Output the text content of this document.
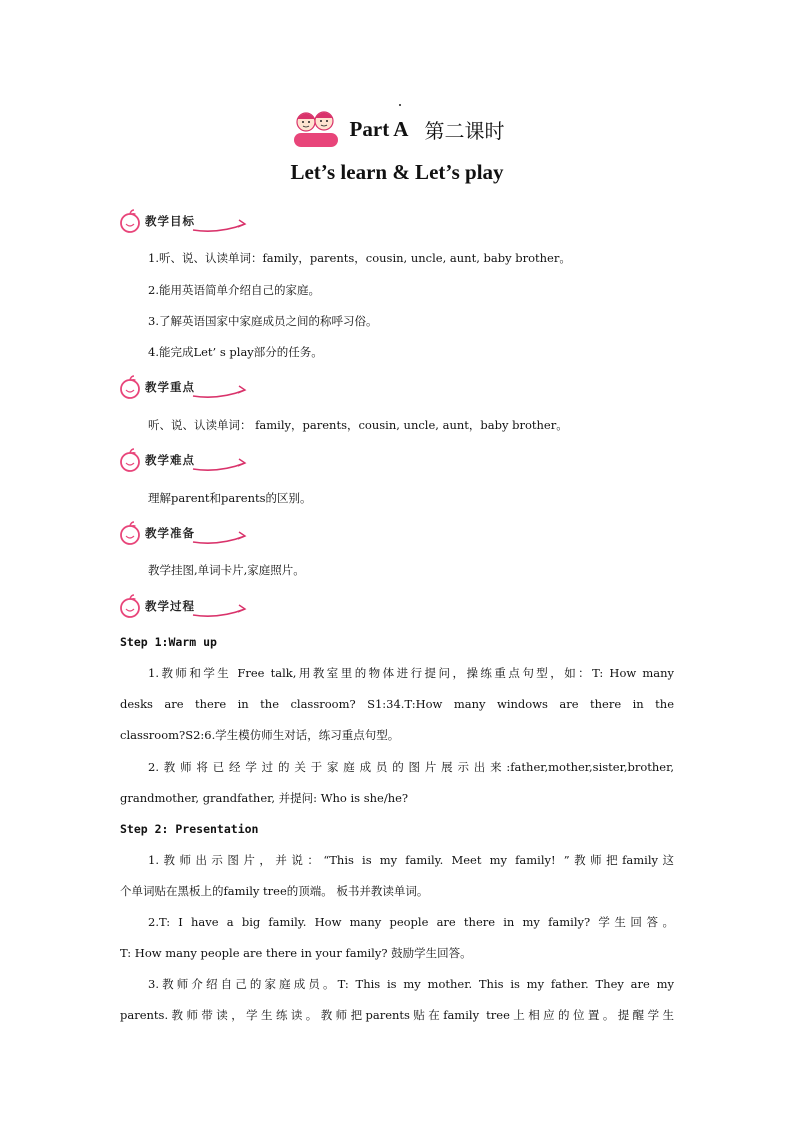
Part A 第二课时
Let’s learn & Let’s play
教学目标
1.听、说、认读单词：family，parents，cousin, uncle, aunt, baby brother。
2.能用英语简单介绍自己的家庭。
3.了解英语国家中家庭成员之间的称呼习俗。
4.能完成Let’ s play部分的任务。
教学重点
听、说、认读单词： family，parents，cousin, uncle, aunt，baby brother。
教学难点
理解parent和parents的区别。
教学准备
教学挂图,单词卡片,家庭照片。
教学过程
Step 1:Warm up
1.教师和学生 Free talk,用教室里的物体进行提问，操练重点句型，如：T: How many
desks are there in the classroom? S1:34.T:How many windows are there in the
classroom?S2:6.学生模仿师生对话，练习重点句型。
2.教师将已经学过的关于家庭成员的图片展示出来:father,mother,sister,brother,
grandmother, grandfather, 并提问: Who is she/he?
Step 2: Presentation
1.教师出示图片，并说：“This is my family. Meet my family! ”教师把family这
个单词贴在黑板上的family tree的顶端。 板书并教读单词。
2.T: I have a big family. How many people are there in my family? 学生回答。
T: How many people are there in your family? 鼓励学生回答。
3.教师介绍自己的家庭成员。T: This is my mother. This is my father. They are my
parents.教师带读，学生练读。教师把parents贴在family tree上相应的位置。提醒学生
